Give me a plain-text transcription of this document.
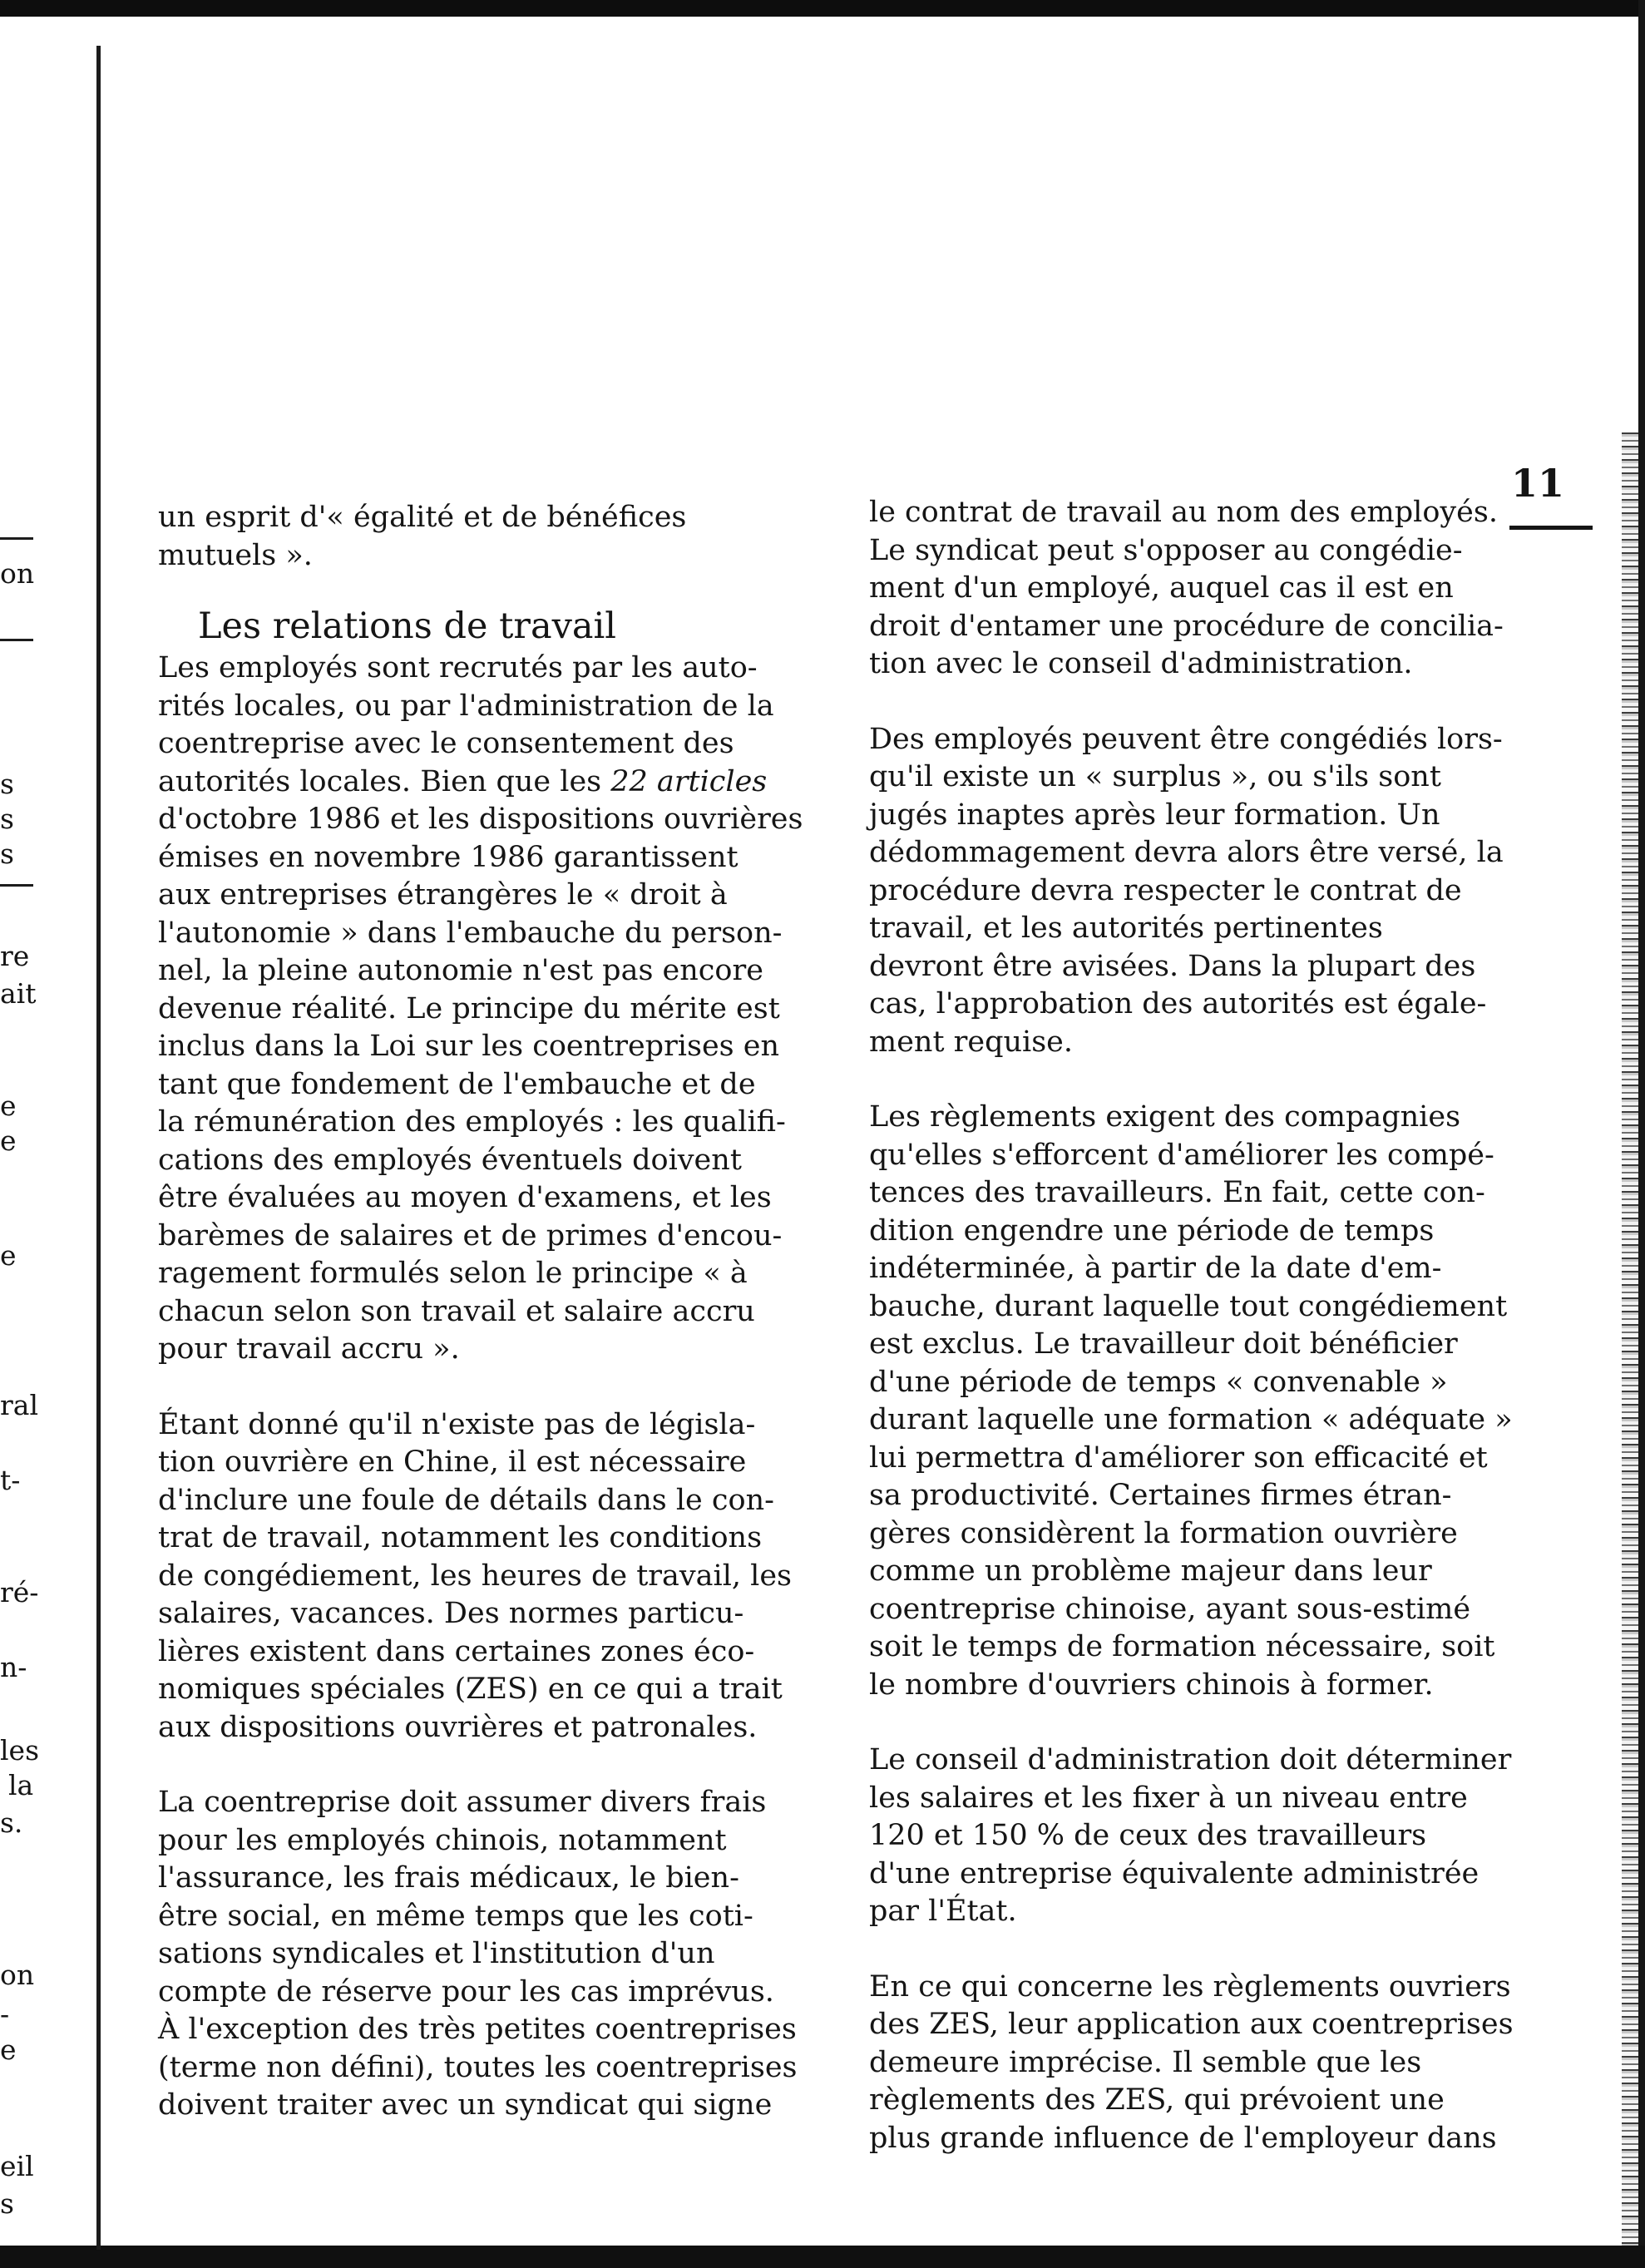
on
s
s
s
re
ait
e
e
e
ral
t-
ré-
n-
les
la
s.
on
-
e
eil
s
11

un esprit d'« égalité et de bénéfices
mutuels ».

Les relations de travail

Les employés sont recrutés par les auto-
rités locales, ou par l'administration de la
coentreprise avec le consentement des
autorités locales. Bien que les 22 articles
d'octobre 1986 et les dispositions ouvrières
émises en novembre 1986 garantissent
aux entreprises étrangères le « droit à
l'autonomie » dans l'embauche du person-
nel, la pleine autonomie n'est pas encore
devenue réalité. Le principe du mérite est
inclus dans la Loi sur les coentreprises en
tant que fondement de l'embauche et de
la rémunération des employés : les qualifi-
cations des employés éventuels doivent
être évaluées au moyen d'examens, et les
barèmes de salaires et de primes d'encou-
ragement formulés selon le principe « à
chacun selon son travail et salaire accru
pour travail accru ».

Étant donné qu'il n'existe pas de législa-
tion ouvrière en Chine, il est nécessaire
d'inclure une foule de détails dans le con-
trat de travail, notamment les conditions
de congédiement, les heures de travail, les
salaires, vacances. Des normes particu-
lières existent dans certaines zones éco-
nomiques spéciales (ZES) en ce qui a trait
aux dispositions ouvrières et patronales.

La coentreprise doit assumer divers frais
pour les employés chinois, notamment
l'assurance, les frais médicaux, le bien-
être social, en même temps que les coti-
sations syndicales et l'institution d'un
compte de réserve pour les cas imprévus.
À l'exception des très petites coentreprises
(terme non défini), toutes les coentreprises
doivent traiter avec un syndicat qui signe

le contrat de travail au nom des employés.
Le syndicat peut s'opposer au congédie-
ment d'un employé, auquel cas il est en
droit d'entamer une procédure de concilia-
tion avec le conseil d'administration.

Des employés peuvent être congédiés lors-
qu'il existe un « surplus », ou s'ils sont
jugés inaptes après leur formation. Un
dédommagement devra alors être versé, la
procédure devra respecter le contrat de
travail, et les autorités pertinentes
devront être avisées. Dans la plupart des
cas, l'approbation des autorités est égale-
ment requise.

Les règlements exigent des compagnies
qu'elles s'efforcent d'améliorer les compé-
tences des travailleurs. En fait, cette con-
dition engendre une période de temps
indéterminée, à partir de la date d'em-
bauche, durant laquelle tout congédiement
est exclus. Le travailleur doit bénéficier
d'une période de temps « convenable »
durant laquelle une formation « adéquate »
lui permettra d'améliorer son efficacité et
sa productivité. Certaines firmes étran-
gères considèrent la formation ouvrière
comme un problème majeur dans leur
coentreprise chinoise, ayant sous-estimé
soit le temps de formation nécessaire, soit
le nombre d'ouvriers chinois à former.

Le conseil d'administration doit déterminer
les salaires et les fixer à un niveau entre
120 et 150 % de ceux des travailleurs
d'une entreprise équivalente administrée
par l'État.

En ce qui concerne les règlements ouvriers
des ZES, leur application aux coentreprises
demeure imprécise. Il semble que les
règlements des ZES, qui prévoient une
plus grande influence de l'employeur dans
